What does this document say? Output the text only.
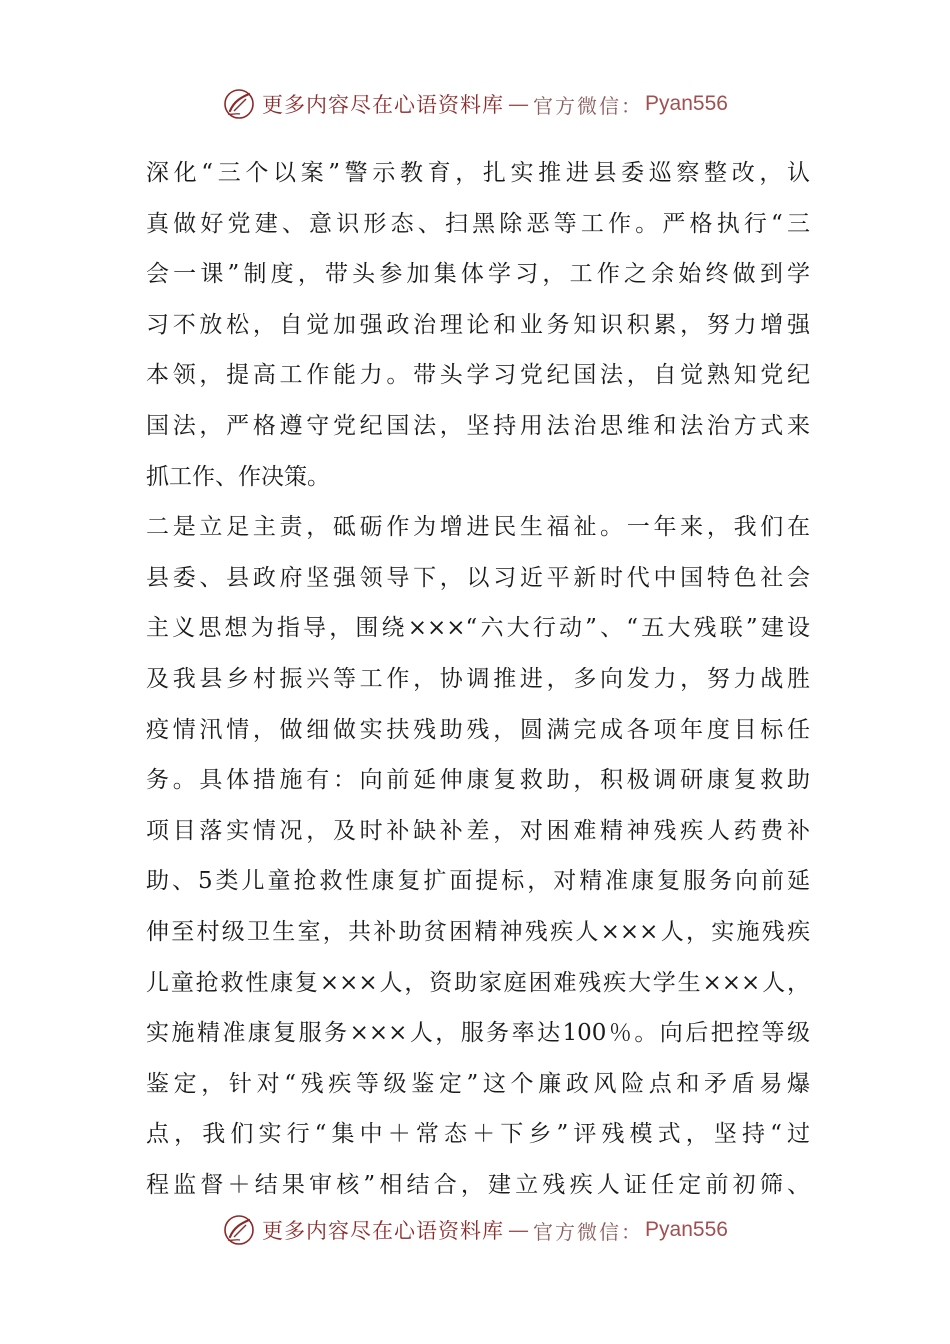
更多内容尽在心语资料库 — 官方微信： Pyan556
深化“三个以案”警示教育，扎实推进县委巡察整改，认
真做好党建、意识形态、扫黑除恶等工作。严格执行“三
会一课”制度，带头参加集体学习，工作之余始终做到学
习不放松，自觉加强政治理论和业务知识积累，努力增强
本领，提高工作能力。带头学习党纪国法，自觉熟知党纪
国法，严格遵守党纪国法，坚持用法治思维和法治方式来
抓工作、作决策。
二是立足主责，砥砺作为增进民生福祉。一年来，我们在
县委、县政府坚强领导下，以习近平新时代中国特色社会
主义思想为指导，围绕×××“六大行动”、“五大残联”建设
及我县乡村振兴等工作，协调推进，多向发力，努力战胜
疫情汛情，做细做实扶残助残，圆满完成各项年度目标任
务。具体措施有：向前延伸康复救助，积极调研康复救助
项目落实情况，及时补缺补差，对困难精神残疾人药费补
助、5类儿童抢救性康复扩面提标，对精准康复服务向前延
伸至村级卫生室，共补助贫困精神残疾人×××人，实施残疾
儿童抢救性康复×××人，资助家庭困难残疾大学生×××人，
实施精准康复服务×××人，服务率达100％。向后把控等级
鉴定，针对“残疾等级鉴定”这个廉政风险点和矛盾易爆
点，我们实行“集中＋常态＋下乡”评残模式，坚持“过
程监督＋结果审核”相结合，建立残疾人证任定前初筛、
更多内容尽在心语资料库 — 官方微信： Pyan556
